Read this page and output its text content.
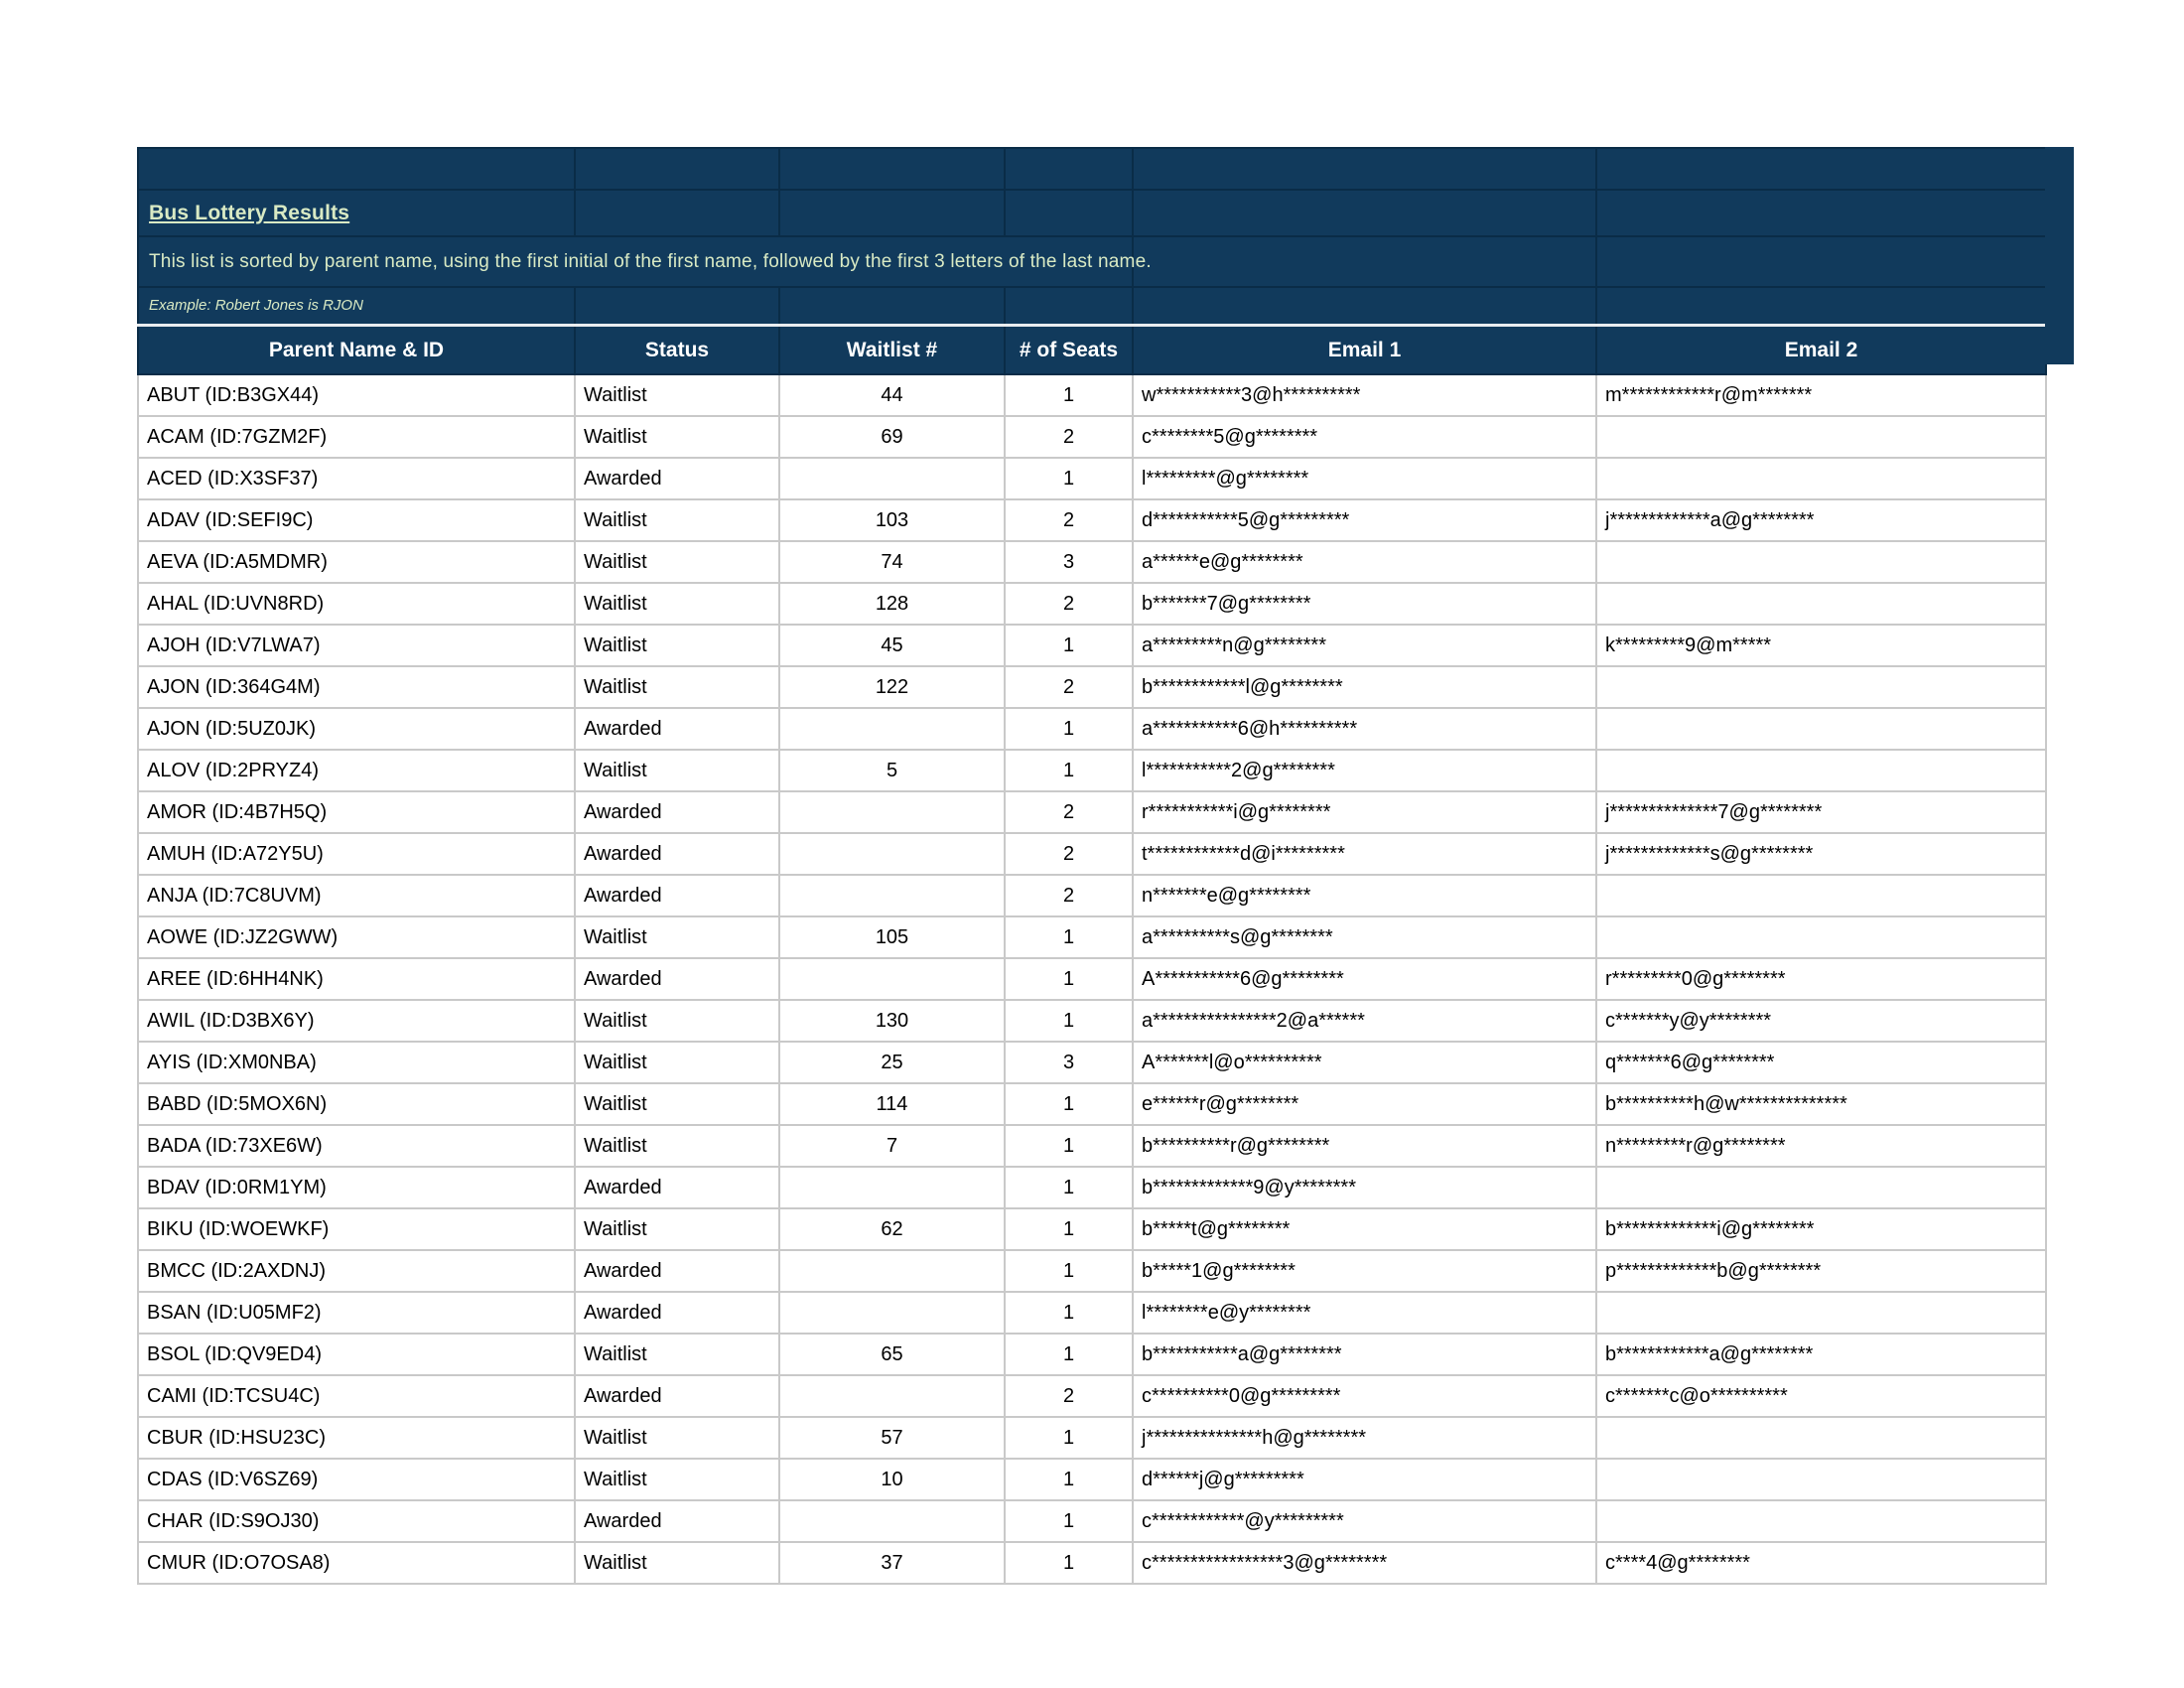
Bus Lottery Results					
This list is sorted by parent name, using the first initial of the first name, followed by the first 3 letters of the last name.					
Example: Robert Jones is RJON					
Parent Name & ID	Status	Waitlist #	# of Seats	Email 1	Email 2
ABUT (ID:B3GX44)	Waitlist	44	1	w***********3@h**********	m************r@m*******
ACAM (ID:7GZM2F)	Waitlist	69	2	c********5@g********	
ACED (ID:X3SF37)	Awarded		1	l*********@g********	
ADAV (ID:SEFI9C)	Waitlist	103	2	d***********5@g*********	j*************a@g********
AEVA (ID:A5MDMR)	Waitlist	74	3	a******e@g********	
AHAL (ID:UVN8RD)	Waitlist	128	2	b*******7@g********	
AJOH (ID:V7LWA7)	Waitlist	45	1	a*********n@g********	k*********9@m*****
AJON (ID:364G4M)	Waitlist	122	2	b************l@g********	
AJON (ID:5UZ0JK)	Awarded		1	a***********6@h**********	
ALOV (ID:2PRYZ4)	Waitlist	5	1	l***********2@g********	
AMOR (ID:4B7H5Q)	Awarded		2	r***********i@g********	j**************7@g********
AMUH (ID:A72Y5U)	Awarded		2	t************d@i*********	j*************s@g********
ANJA (ID:7C8UVM)	Awarded		2	n*******e@g********	
AOWE (ID:JZ2GWW)	Waitlist	105	1	a**********s@g********	
AREE (ID:6HH4NK)	Awarded		1	A***********6@g********	r*********0@g********
AWIL (ID:D3BX6Y)	Waitlist	130	1	a****************2@a******	c*******y@y********
AYIS (ID:XM0NBA)	Waitlist	25	3	A*******l@o**********	q*******6@g********
BABD (ID:5MOX6N)	Waitlist	114	1	e******r@g********	b**********h@w**************
BADA (ID:73XE6W)	Waitlist	7	1	b**********r@g********	n*********r@g********
BDAV (ID:0RM1YM)	Awarded		1	b*************9@y********	
BIKU (ID:WOEWKF)	Waitlist	62	1	b*****t@g********	b*************i@g********
BMCC (ID:2AXDNJ)	Awarded		1	b*****1@g********	p*************b@g********
BSAN (ID:U05MF2)	Awarded		1	l********e@y********	
BSOL (ID:QV9ED4)	Waitlist	65	1	b***********a@g********	b************a@g********
CAMI (ID:TCSU4C)	Awarded		2	c**********0@g*********	c*******c@o**********
CBUR (ID:HSU23C)	Waitlist	57	1	j***************h@g********	
CDAS (ID:V6SZ69)	Waitlist	10	1	d******j@g*********	
CHAR (ID:S9OJ30)	Awarded		1	c************@y*********	
CMUR (ID:O7OSA8)	Waitlist	37	1	c*****************3@g********	c****4@g********
